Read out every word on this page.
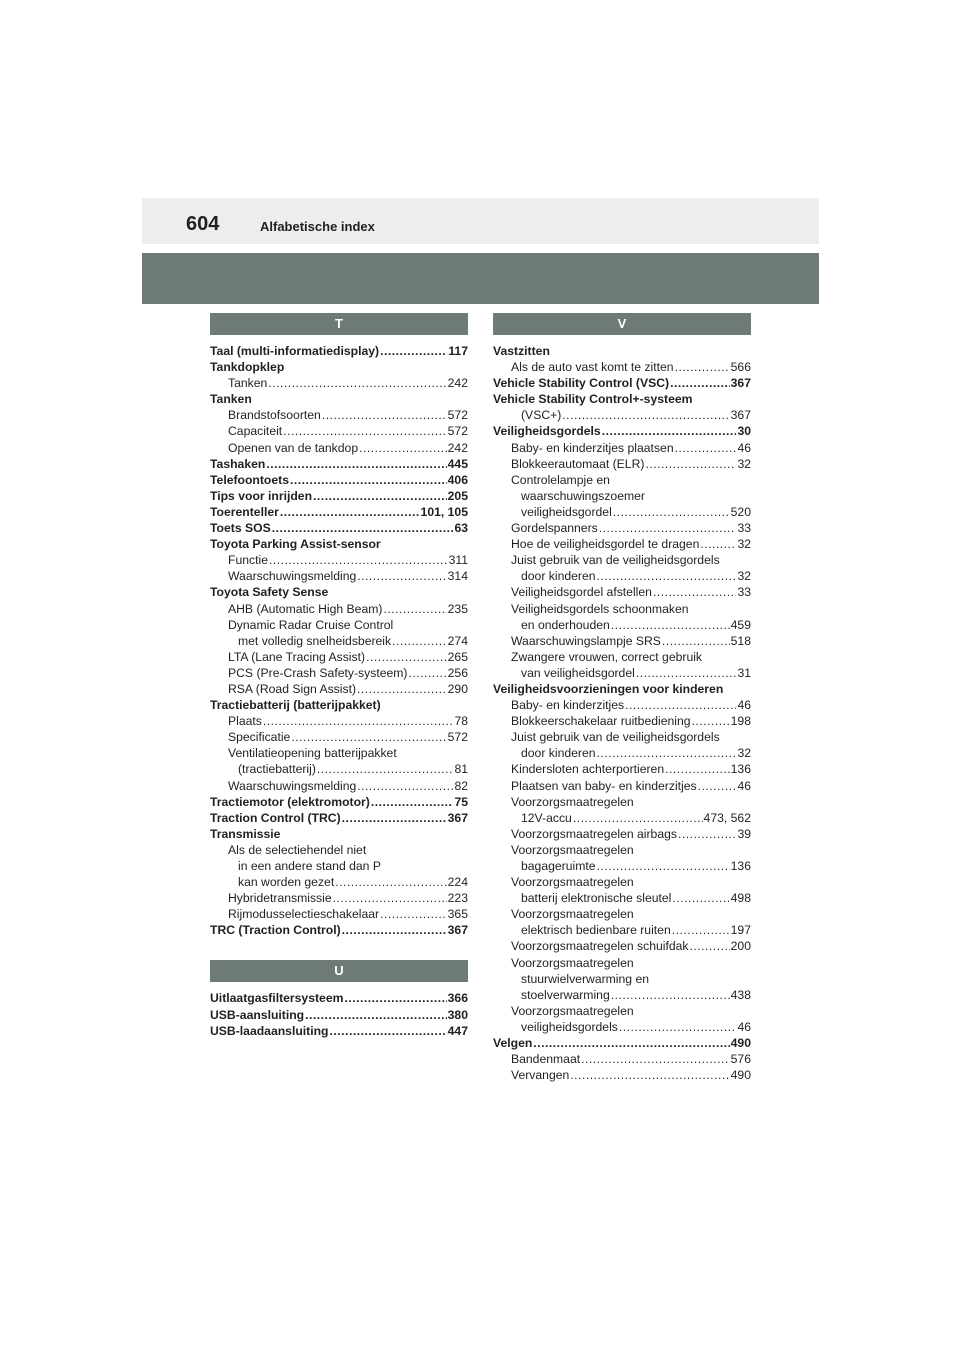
604	Alfabetische index
T
Taal (multi-informatiedisplay) .....	117
Tankdopklep
Tanken .....	242
Tanken
Brandstofsoorten .....	572
Capaciteit .....	572
Openen van de tankdop .....	242
Tashaken .....	445
Telefoontoets .....	406
Tips voor inrijden .....	205
Toerenteller .....	101, 105
Toets SOS .....	63
Toyota Parking Assist-sensor
Functie .....	311
Waarschuwingsmelding .....	314
Toyota Safety Sense
AHB (Automatic High Beam) .....	235
Dynamic Radar Cruise Control
met volledig snelheidsbereik .....	274
LTA (Lane Tracing Assist) .....	265
PCS (Pre-Crash Safety-systeem) .....	256
RSA (Road Sign Assist) .....	290
Tractiebatterij (batterijpakket)
Plaats .....	78
Specificatie .....	572
Ventilatieopening batterijpakket
(tractiebatterij) .....	81
Waarschuwingsmelding .....	82
Tractiemotor (elektromotor) .....	75
Traction Control (TRC) .....	367
Transmissie
Als de selectiehendel niet
in een andere stand dan P
kan worden gezet .....	224
Hybridetransmissie .....	223
Rijmodusselectieschakelaar .....	365
TRC (Traction Control) .....	367
U
Uitlaatgasfiltersysteem .....	366
USB-aansluiting .....	380
USB-laadaansluiting .....	447
V
Vastzitten
Als de auto vast komt te zitten .....	566
Vehicle Stability Control (VSC) .....	367
Vehicle Stability Control+-systeem
(VSC+) .....	367
Veiligheidsgordels .....	30
Baby- en kinderzitjes plaatsen .....	46
Blokkeerautomaat (ELR) .....	32
Controlelampje en
waarschuwingszoemer
veiligheidsgordel .....	520
Gordelspanners .....	33
Hoe de veiligheidsgordel te dragen .....	32
Juist gebruik van de veiligheidsgordels
door kinderen .....	32
Veiligheidsgordel afstellen .....	33
Veiligheidsgordels schoonmaken
en onderhouden .....	459
Waarschuwingslampje SRS .....	518
Zwangere vrouwen, correct gebruik
van veiligheidsgordel .....	31
Veiligheidsvoorzieningen voor kinderen
Baby- en kinderzitjes .....	46
Blokkeerschakelaar ruitbediening .....	198
Juist gebruik van de veiligheidsgordels
door kinderen .....	32
Kindersloten achterportieren .....	136
Plaatsen van baby- en kinderzitjes .....	46
Voorzorgsmaatregelen
12V-accu .....	473, 562
Voorzorgsmaatregelen airbags .....	39
Voorzorgsmaatregelen
bagageruimte .....	136
Voorzorgsmaatregelen
batterij elektronische sleutel .....	498
Voorzorgsmaatregelen
elektrisch bedienbare ruiten .....	197
Voorzorgsmaatregelen schuifdak .....	200
Voorzorgsmaatregelen
stuurwielverwarming en
stoelverwarming .....	438
Voorzorgsmaatregelen
veiligheidsgordels .....	46
Velgen .....	490
Bandenmaat .....	576
Vervangen .....	490
